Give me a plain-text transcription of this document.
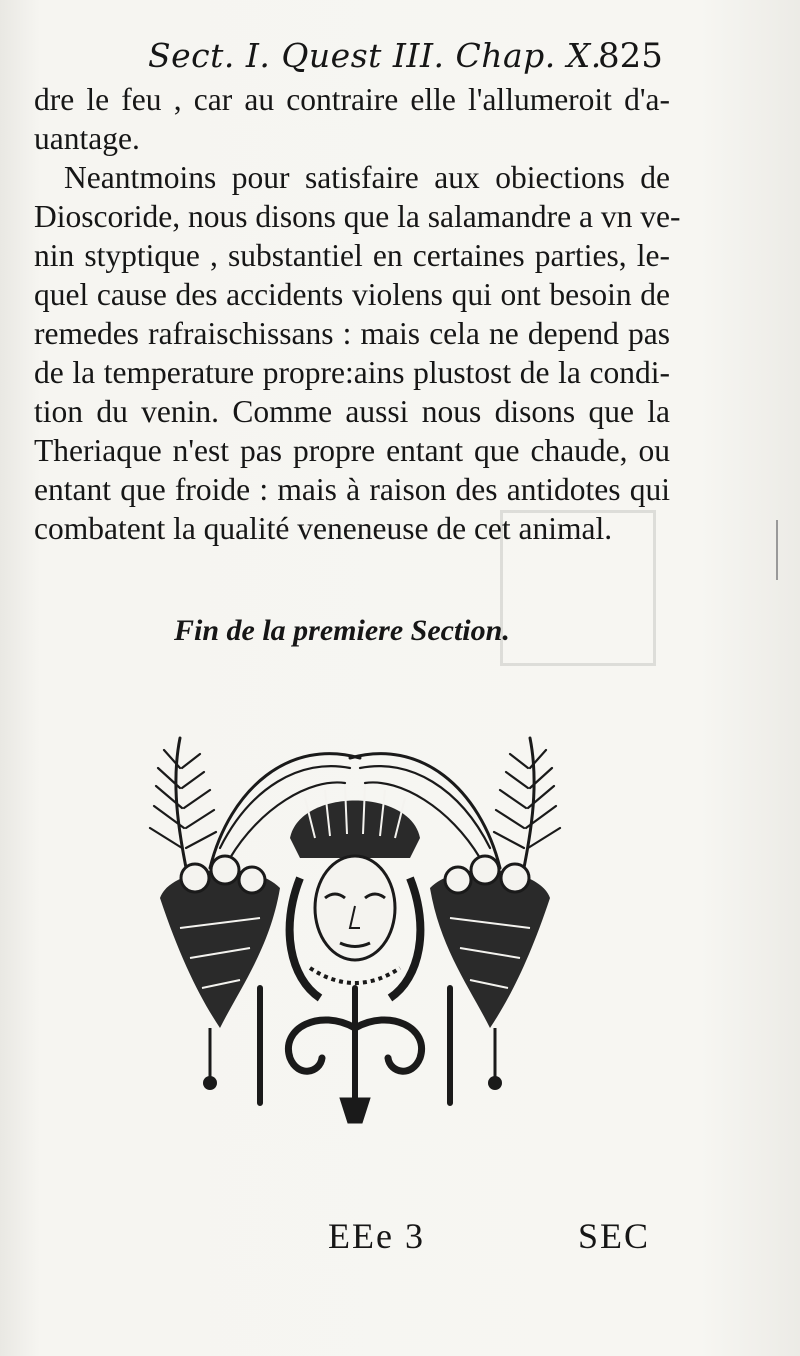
Sect. I. Quest III. Chap. X.
825
dre le feu , car au contraire elle l'allumeroit d'a-
uantage.
Neantmoins pour satisfaire aux obiections de
Dioscoride, nous disons que la salamandre a vn ve-
nin styptique , substantiel en certaines parties, le-
quel cause des accidents violens qui ont besoin de
remedes rafraischissans : mais cela ne depend pas
de la temperature propre:ains plustost de la condi-
tion du venin. Comme aussi nous disons que la
Theriaque n'est pas propre entant que chaude, ou
entant que froide : mais à raison des antidotes qui
combatent la qualité veneneuse de cet animal.
Fin de la premiere Section.
EEe 3	SEC
